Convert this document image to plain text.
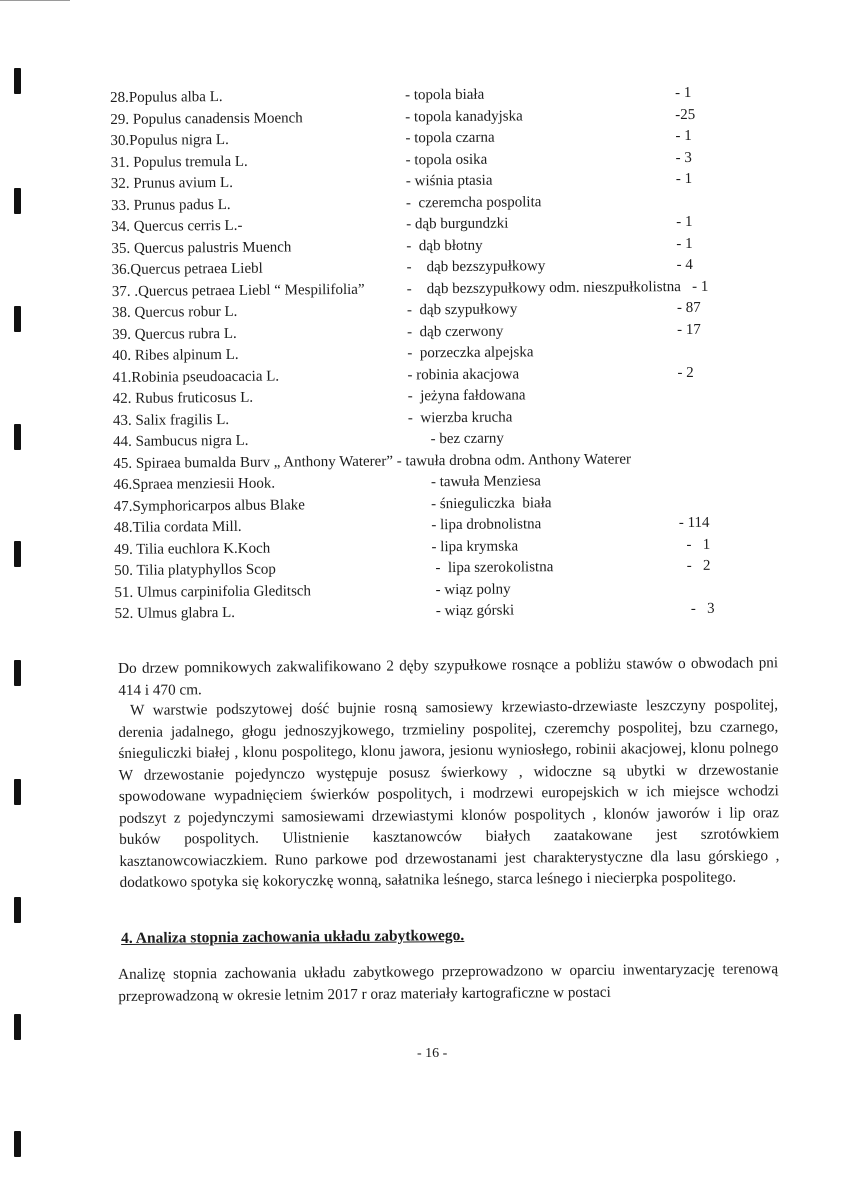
28.Populus alba L.	- topola biała	- 1
29. Populus canadensis Moench	- topola kanadyjska	-25
30.Populus nigra L.	- topola czarna	- 1
31. Populus tremula L.	- topola osika	- 3
32. Prunus avium L.	- wiśnia ptasia	- 1
33. Prunus padus L.	-  czeremcha pospolita
34. Quercus cerris L.-	- dąb burgundzki	- 1
35. Quercus palustris Muench	-  dąb błotny	- 1
36.Quercus petraea Liebl	-    dąb bezszypułkowy	- 4
37. .Quercus petraea Liebl “ Mespilifolia”	-    dąb bezszypułkowy odm. nieszpułkolistna   - 1
38. Quercus robur L.	-  dąb szypułkowy	- 87
39. Quercus rubra L.	-  dąb czerwony	- 17
40. Ribes alpinum L.	-  porzeczka alpejska
41.Robinia pseudoacacia L.	- robinia akacjowa	- 2
42. Rubus fruticosus L.	-  jeżyna fałdowana
43. Salix fragilis L.	-  wierzba krucha
44. Sambucus nigra L.	- bez czarny
45. Spiraea bumalda Burv „ Anthony Waterer” - tawuła drobna odm. Anthony Waterer
46.Spraea menziesii Hook.	- tawuła Menziesa
47.Symphoricarpos albus Blake	- śnieguliczka  biała
48.Tilia cordata Mill.	- lipa drobnolistna	- 114
49. Tilia euchlora K.Koch	- lipa krymska	-   1
50. Tilia platyphyllos Scop	-  lipa szerokolistna	-   2
51. Ulmus carpinifolia Gleditsch	- wiąz polny
52. Ulmus glabra L.	- wiąz górski	-   3

Do drzew pomnikowych zakwalifikowano 2 dęby szypułkowe rosnące a pobliżu stawów o obwodach pni 414 i 470 cm.

W warstwie podszytowej dość bujnie rosną samosiewy krzewiasto-drzewiaste leszczyny pospolitej, derenia jadalnego, głogu jednoszyjkowego, trzmieliny pospolitej, czeremchy pospolitej, bzu czarnego, śnieguliczki białej , klonu pospolitego, klonu jawora, jesionu wyniosłego, robinii akacjowej, klonu polnego W drzewostanie pojedynczo występuje posusz świerkowy , widoczne są ubytki w drzewostanie spowodowane wypadnięciem świerków pospolitych, i modrzewi europejskich w ich miejsce wchodzi podszyt z pojedynczymi samosiewami drzewiastymi klonów pospolitych , klonów jaworów i lip oraz buków pospolitych. Ulistnienie kasztanowców białych zaatakowane jest szrotówkiem kasztanowcowiaczkiem. Runo parkowe pod drzewostanami jest charakterystyczne dla lasu górskiego , dodatkowo spotyka się kokoryczkę wonną, sałatnika leśnego, starca leśnego i niecierpka pospolitego.

4. Analiza stopnia zachowania układu zabytkowego.

Analizę stopnia zachowania układu zabytkowego przeprowadzono w oparciu inwentaryzację terenową przeprowadzoną w okresie letnim 2017 r oraz materiały kartograficzne w postaci

- 16 -
